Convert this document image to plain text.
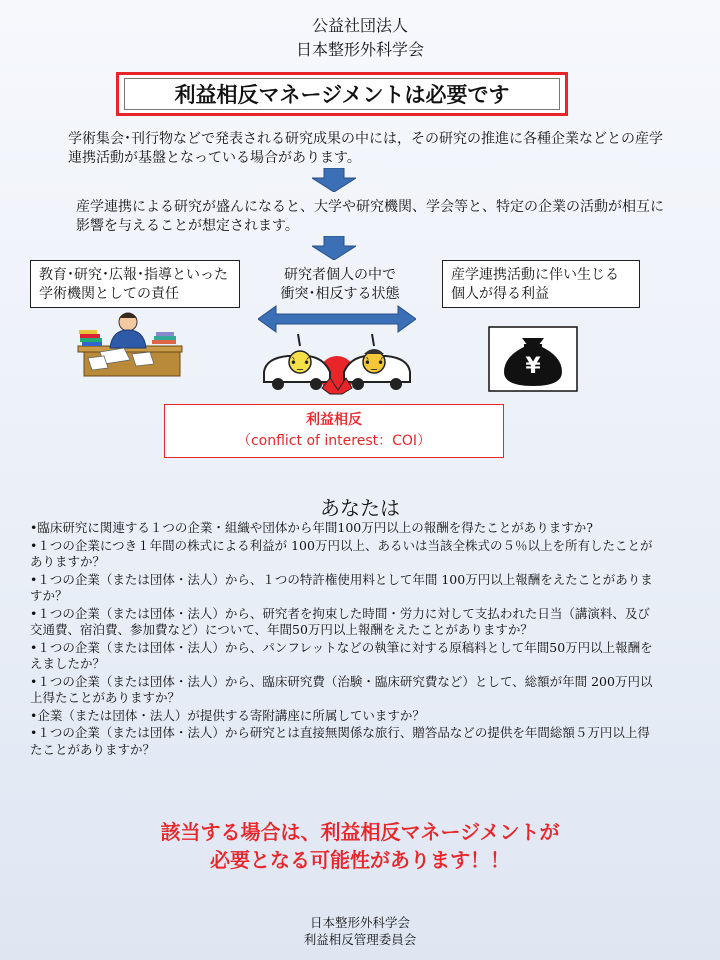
公益社団法人
日本整形外科学会
利益相反マネージメントは必要です
学術集会･刊行物などで発表される研究成果の中には，その研究の推進に各種企業などとの産学連携活動が基盤となっている場合があります。
産学連携による研究が盛んになると、大学や研究機関、学会等と、特定の企業の活動が相互に影響を与えることが想定されます。
教育･研究･広報･指導といった学術機関としての責任
研究者個人の中で
衝突･相反する状態
産学連携活動に伴い生じる個人が得る利益
•̀_•́	•̀_•́	¥
利益相反
（conflict of interest：COI）
あなたは
•臨床研究に関連する１つの企業・組織や団体から年間100万円以上の報酬を得たことがありますか?
•１つの企業につき１年間の株式による利益が 100万円以上、あるいは当該全株式の５％以上を所有したことがありますか？
•１つの企業（または団体・法人）から、１つの特許権使用料として年間 100万円以上報酬をえたことがありますか？
•１つの企業（または団体・法人）から、研究者を拘束した時間・労力に対して支払われた日当（講演料、及び交通費、宿泊費、参加費など）について、年間50万円以上報酬をえたことがありますか？
•１つの企業（または団体・法人）から、パンフレットなどの執筆に対する原稿料として年間50万円以上報酬をえましたか？
•１つの企業（または団体・法人）から、臨床研究費（治験・臨床研究費など）として、総額が年間 200万円以上得たことがありますか？
•企業（または団体・法人）が提供する寄附講座に所属していますか？
•１つの企業（または団体・法人）から研究とは直接無関係な旅行、贈答品などの提供を年間総額５万円以上得たことがありますか？
該当する場合は、利益相反マネージメントが
必要となる可能性があります！！
日本整形外科学会
利益相反管理委員会
